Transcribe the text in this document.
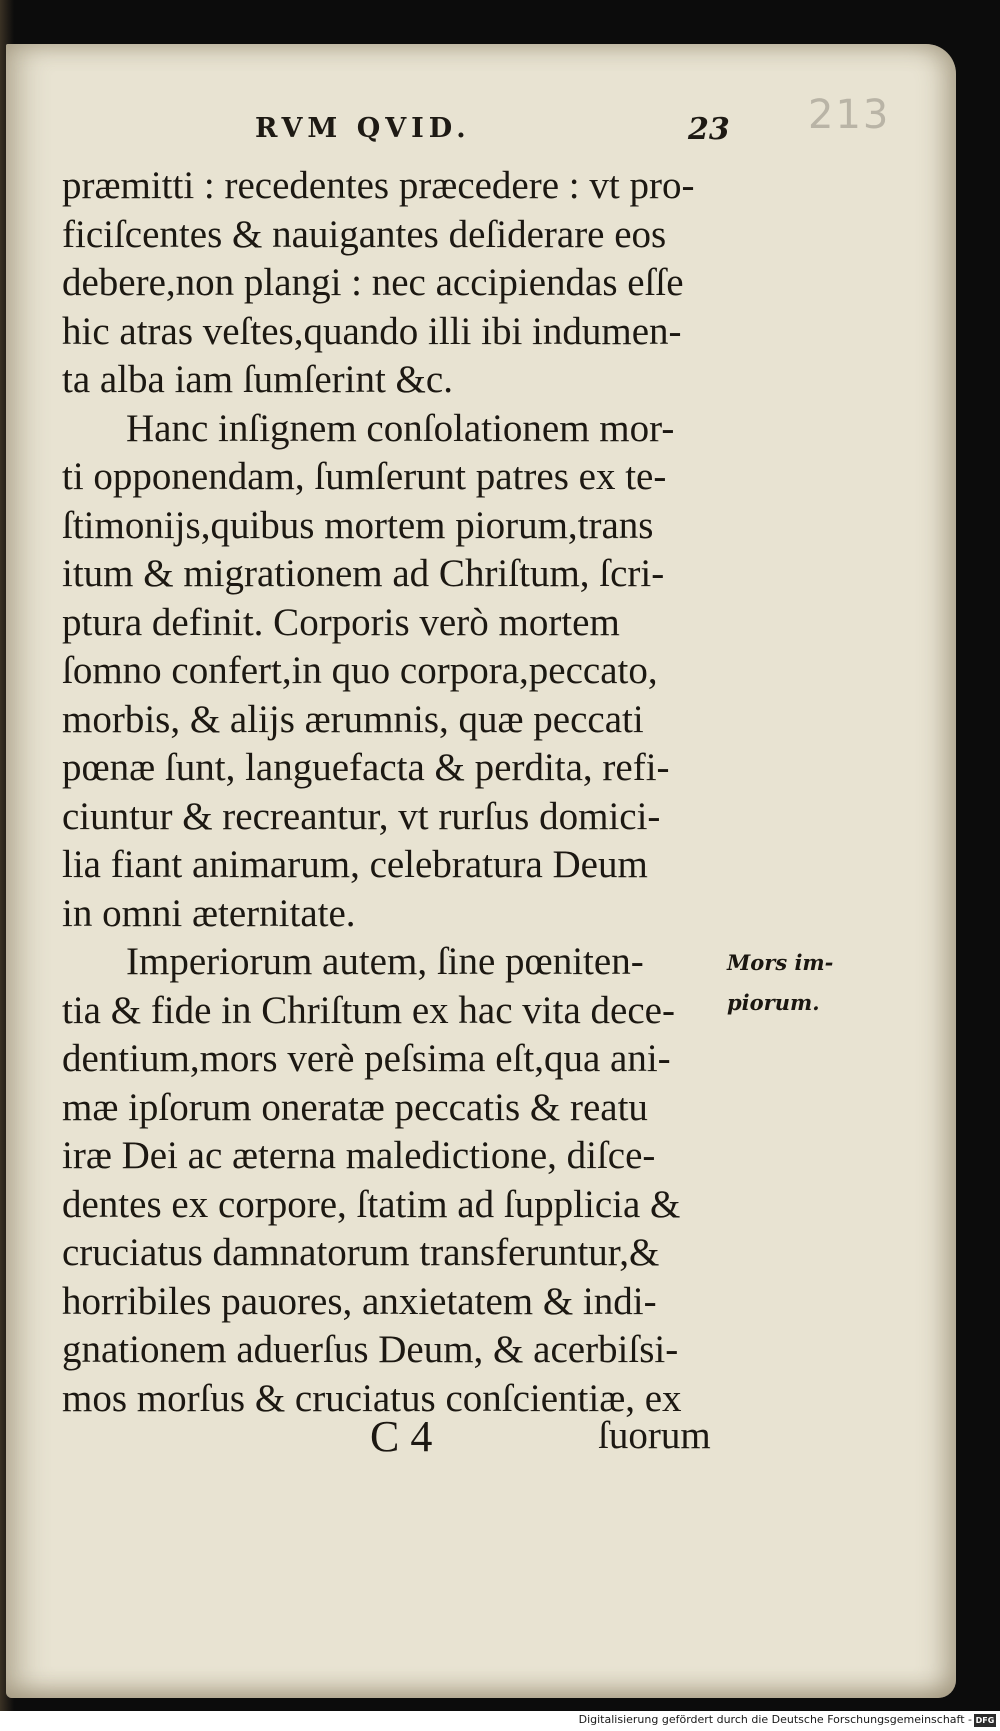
213
RVM QVID.	23
præmitti : recedentes præcedere : vt pro-
ficiſcentes & nauigantes deſiderare eos
debere,non plangi : nec accipiendas eſſe
hic atras veſtes,quando illi ibi indumen-
ta alba iam ſumſerint &c.
Hanc inſignem conſolationem mor-
ti opponendam, ſumſerunt patres ex te-
ſtimonijs,quibus mortem piorum,trans
itum & migrationem ad Chriſtum, ſcri-
ptura definit. Corporis verò mortem
ſomno confert,in quo corpora,peccato,
morbis, & alijs ærumnis, quæ peccati
pœnæ ſunt, languefacta & perdita, refi-
ciuntur & recreantur, vt rurſus domici-
lia fiant animarum, celebratura Deum
in omni æternitate.
Imperiorum autem, ſine pœniten-
tia & fide in Chriſtum ex hac vita dece-
dentium,mors verè peſsima eſt,qua ani-
mæ ipſorum oneratæ peccatis & reatu
iræ Dei ac æterna maledictione, diſce-
dentes ex corpore, ſtatim ad ſupplicia &
cruciatus damnatorum transferuntur,&
horribiles pauores, anxietatem & indi-
gnationem aduerſus Deum, & acerbiſsi-
mos morſus & cruciatus conſcientiæ, ex
Mors im-
piorum.
C 4	ſuorum
Digitalisierung gefördert durch die Deutsche Forschungsgemeinschaft - DFG
